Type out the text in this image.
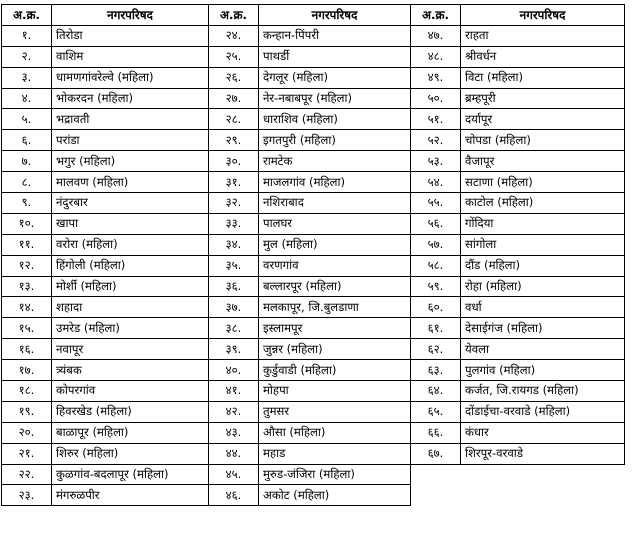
अ.क्र.	नगरपरिषद	अ.क्र.	नगरपरिषद	अ.क्र.	नगरपरिषद
१.	तिरोडा	२४.	कन्हान-पिंपरी	४७.	राहता
२.	वाशिम	२५.	पाथर्डी	४८.	श्रीवर्धन
३.	धामणगांवरेल्वे (महिला)	२६.	देगलूर (महिला)	४९.	विटा (महिला)
४.	भोकरदन (महिला)	२७.	नेर-नबाबपूर (महिला)	५०.	ब्रम्हपूरी
५.	भद्रावती	२८.	धाराशिव (महिला)	५१.	दर्यापूर
६.	परांडा	२९.	इगतपुरी (महिला)	५२.	चोपडा (महिला)
७.	भगुर (महिला)	३०.	रामटेक	५३.	वैजापूर
८.	मालवण (महिला)	३१.	माजलगांव (महिला)	५४.	सटाणा (महिला)
९.	नंदुरबार	३२.	नशिराबाद	५५.	काटोल (महिला)
१०.	खापा	३३.	पालघर	५६.	गोंदिया
११.	वरोरा (महिला)	३४.	मुल (महिला)	५७.	सांगोला
१२.	हिंगोली (महिला)	३५.	वरणगांव	५८.	दौंड (महिला)
१३.	मोर्शी (महिला)	३६.	बल्लारपूर (महिला)	५९.	रोहा (महिला)
१४.	शहादा	३७.	मलकापूर, जि.बुलडाणा	६०.	वर्धा
१५.	उमरेड (महिला)	३८.	इस्लामपूर	६१.	देसाईगंज (महिला)
१६.	नवापूर	३९.	जुन्नर (महिला)	६२.	येवला
१७.	त्र्यंबक	४०.	कुर्डुवाडी (महिला)	६३.	पुलगांव (महिला)
१८.	कोपरगांव	४१.	मोहपा	६४.	कर्जत, जि.रायगड (महिला)
१९.	हिवरखेड (महिला)	४२.	तुमसर	६५.	दोंडाईचा-वरवाडे (महिला)
२०.	बाळापूर (महिला)	४३.	औसा (महिला)	६६.	कंधार
२१.	शिरुर (महिला)	४४.	महाड	६७.	शिरपूर-वरवाडे
२२.	कुळगांव-बदलापूर (महिला)	४५.	मुरुड-जंजिरा (महिला)		
२३.	मंगरुळपीर	४६.	अकोट (महिला)		
